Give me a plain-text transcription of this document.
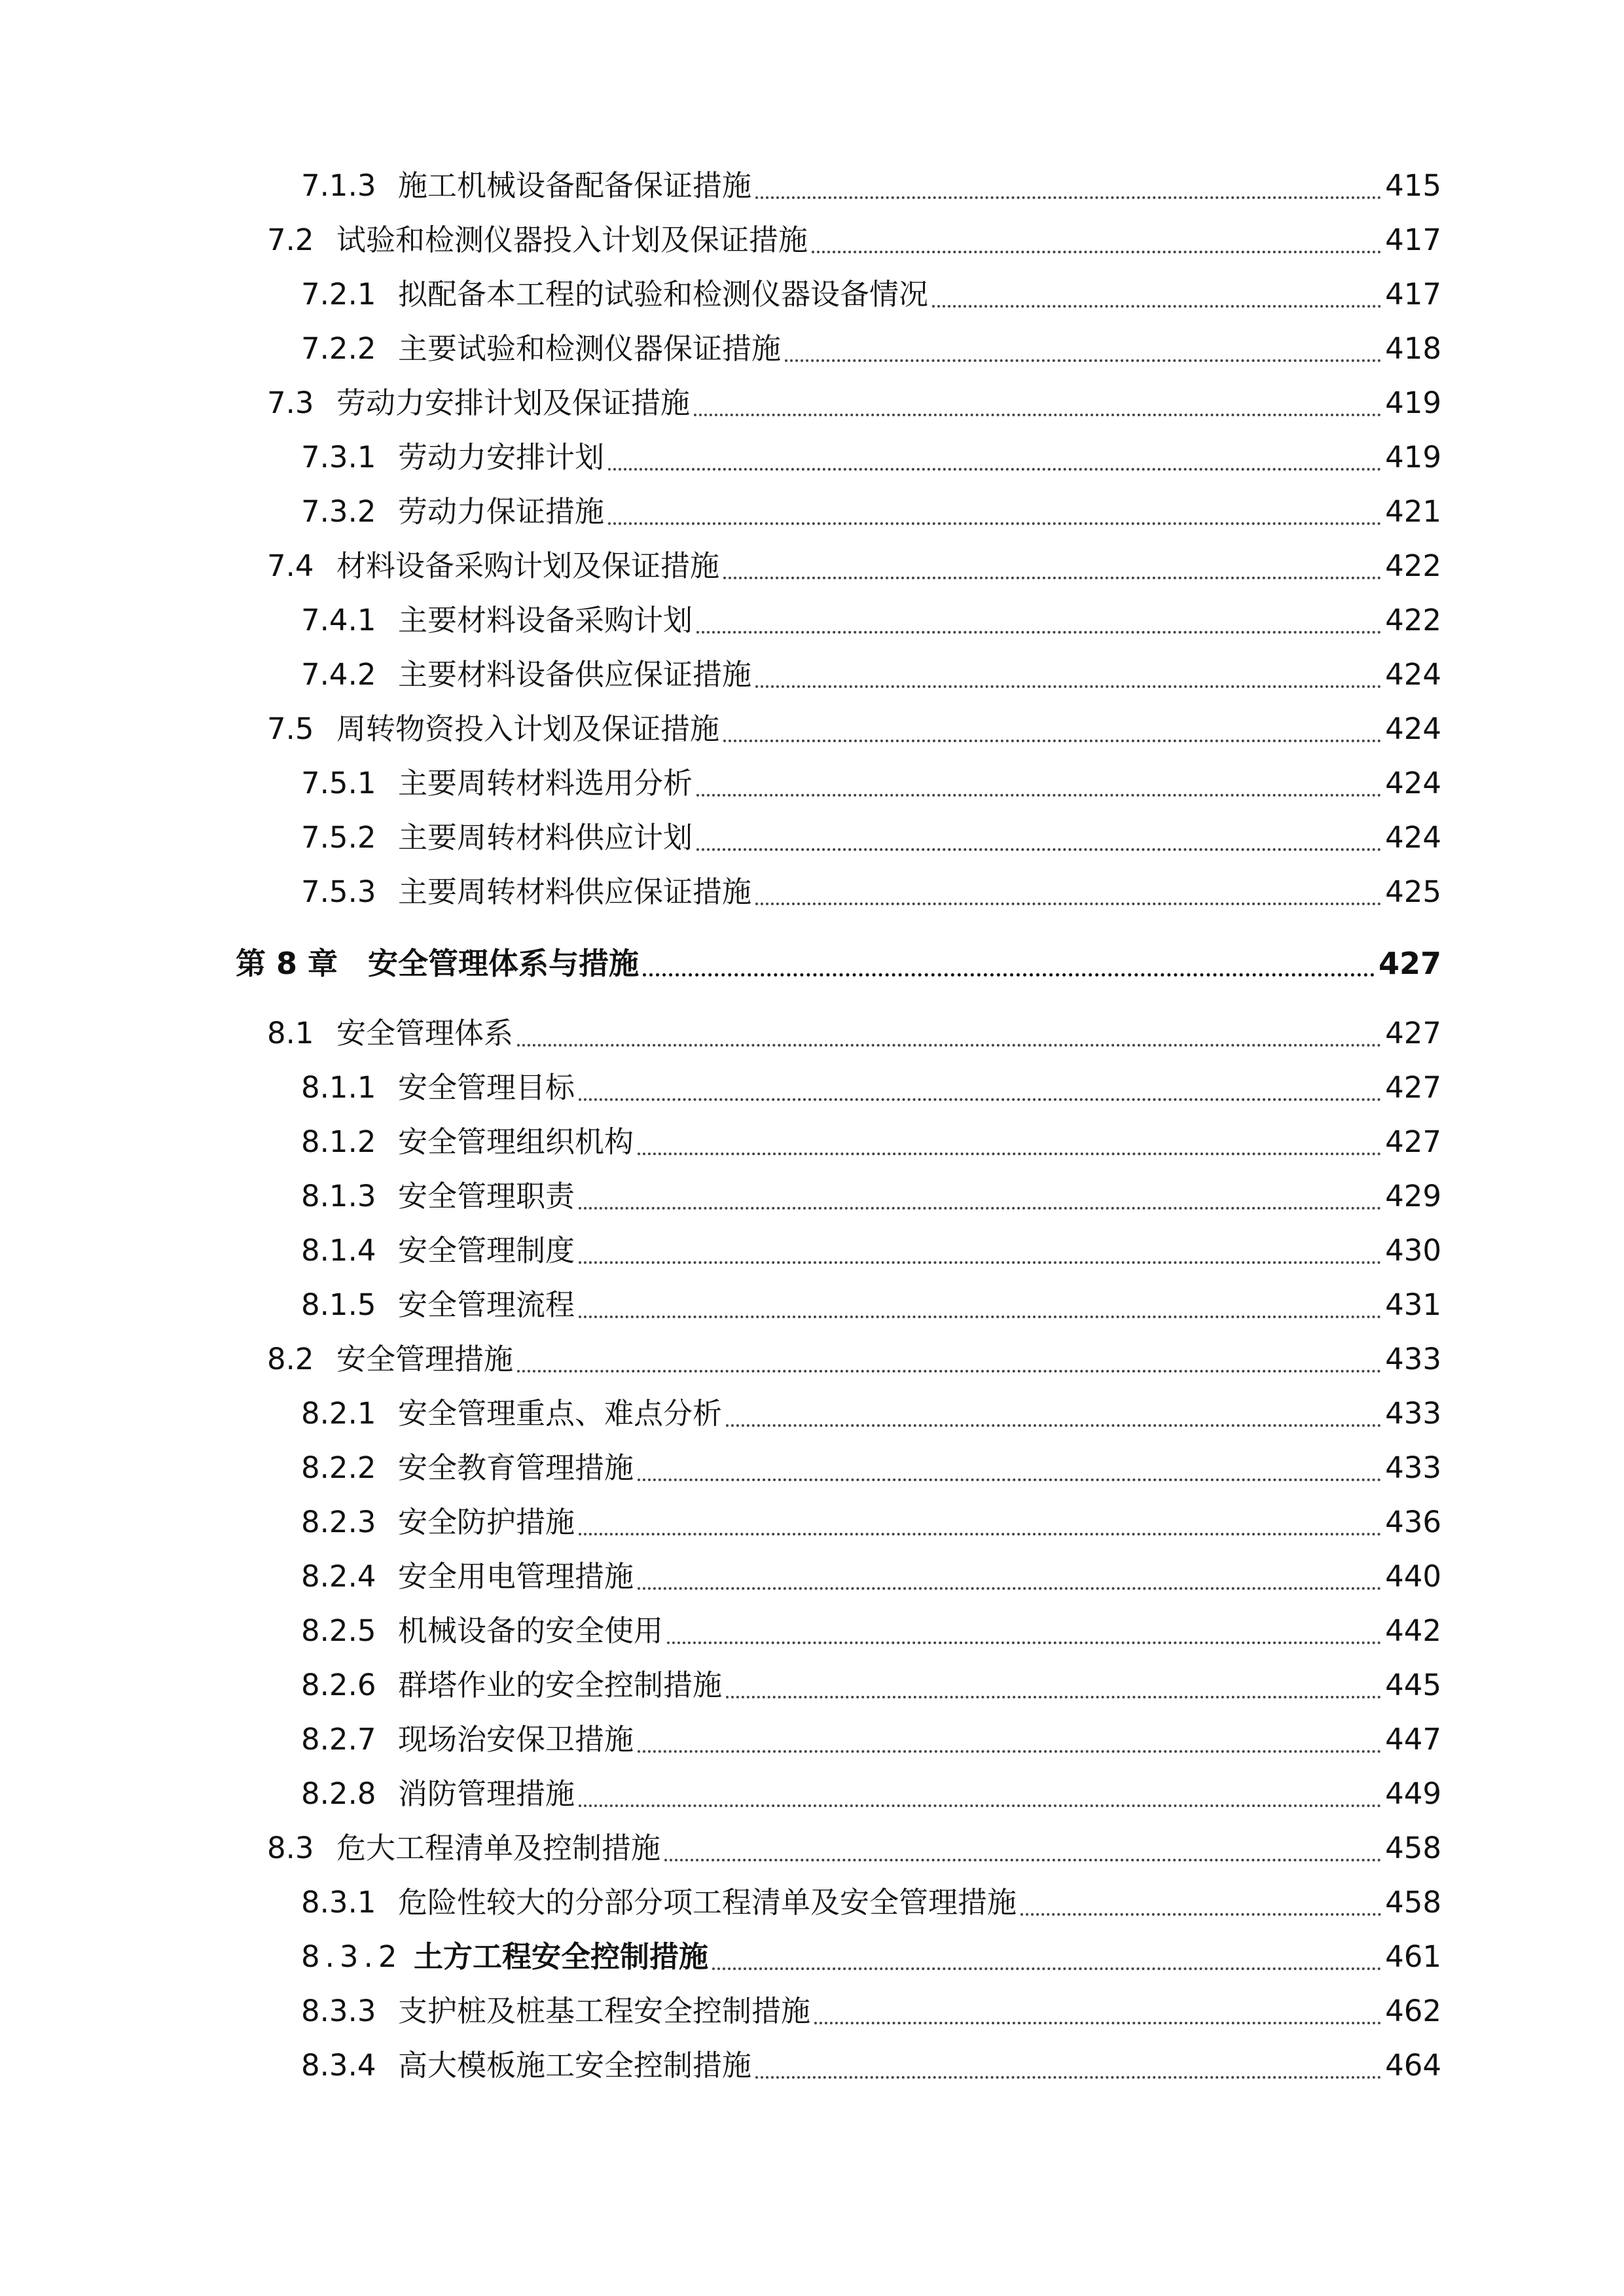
7.1.3 施工机械设备配备保证措施	415
7.2 试验和检测仪器投入计划及保证措施	417
7.2.1 拟配备本工程的试验和检测仪器设备情况	417
7.2.2 主要试验和检测仪器保证措施	418
7.3 劳动力安排计划及保证措施	419
7.3.1 劳动力安排计划	419
7.3.2 劳动力保证措施	421
7.4 材料设备采购计划及保证措施	422
7.4.1 主要材料设备采购计划	422
7.4.2 主要材料设备供应保证措施	424
7.5 周转物资投入计划及保证措施	424
7.5.1 主要周转材料选用分析	424
7.5.2 主要周转材料供应计划	424
7.5.3 主要周转材料供应保证措施	425
第 8 章 安全管理体系与措施	427
8.1 安全管理体系	427
8.1.1 安全管理目标	427
8.1.2 安全管理组织机构	427
8.1.3 安全管理职责	429
8.1.4 安全管理制度	430
8.1.5 安全管理流程	431
8.2 安全管理措施	433
8.2.1 安全管理重点、难点分析	433
8.2.2 安全教育管理措施	433
8.2.3 安全防护措施	436
8.2.4 安全用电管理措施	440
8.2.5 机械设备的安全使用	442
8.2.6 群塔作业的安全控制措施	445
8.2.7 现场治安保卫措施	447
8.2.8 消防管理措施	449
8.3 危大工程清单及控制措施	458
8.3.1 危险性较大的分部分项工程清单及安全管理措施	458
8.3.2 土方工程安全控制措施	461
8.3.3 支护桩及桩基工程安全控制措施	462
8.3.4 高大模板施工安全控制措施	464
